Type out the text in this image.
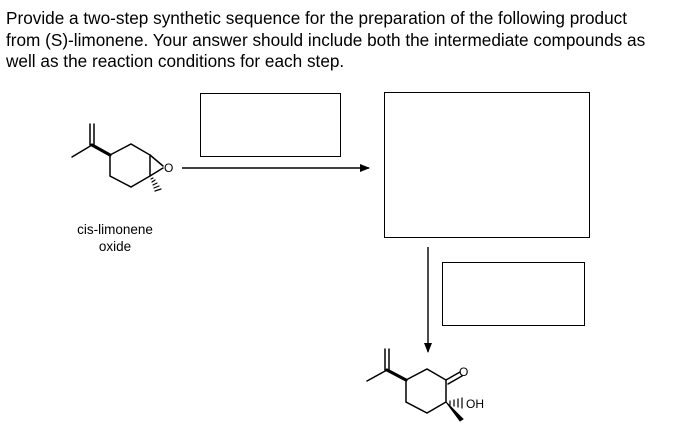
Provide a two-step synthetic sequence for the preparation of the following product
from (S)-limonene. Your answer should include both the intermediate compounds as
well as the reaction conditions for each step.
cis-limonene
oxide
O
O
OH
